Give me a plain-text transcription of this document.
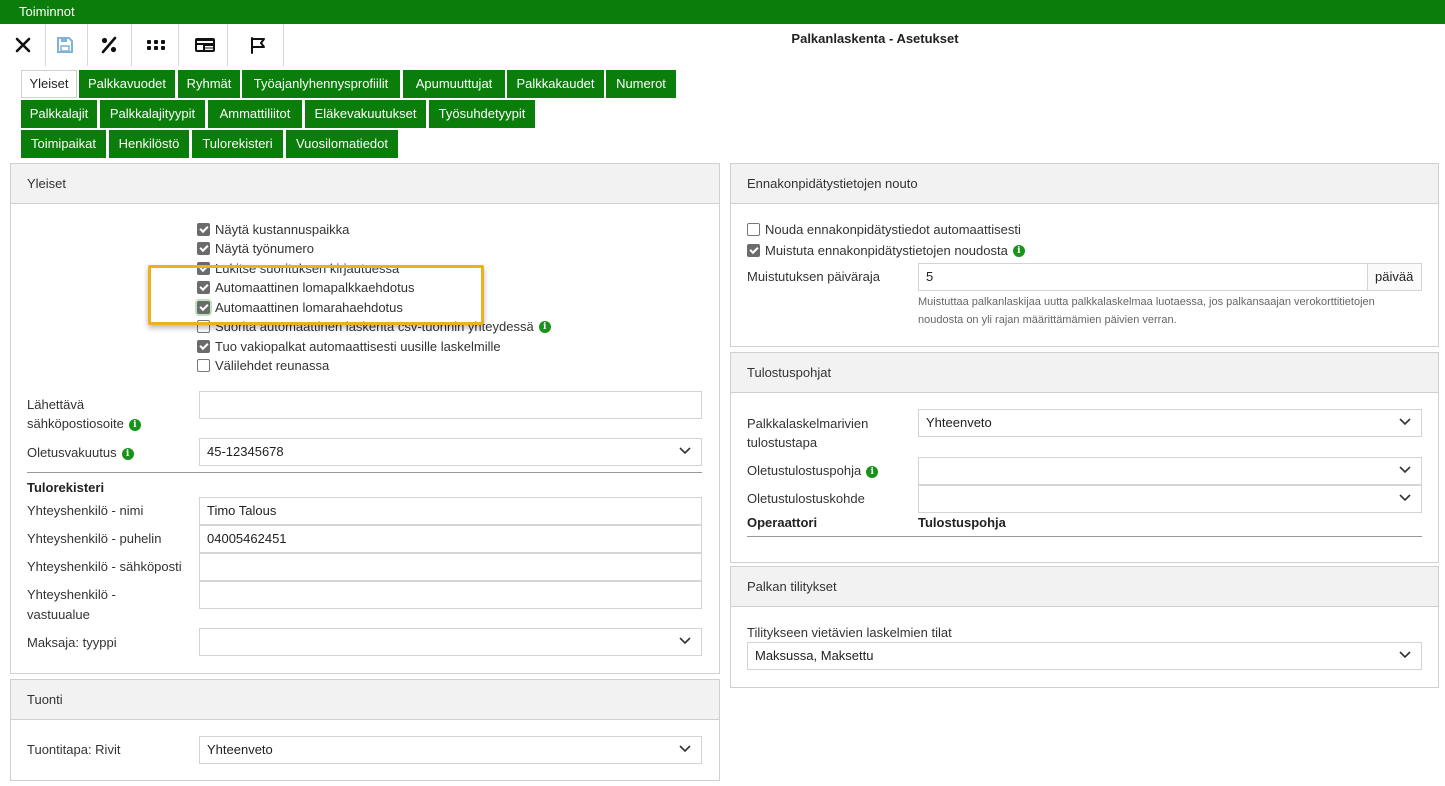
Toiminnot
Palkanlaskenta - Asetukset
Yleiset	Palkkavuodet	Ryhmät	Työajanlyhennysprofiilit	Apumuuttujat	Palkkakaudet	Numerot
Palkkalajit	Palkkalajityypit	Ammattiliitot	Eläkevakuutukset	Työsuhdetyypit
Toimipaikat	Henkilöstö	Tulorekisteri	Vuosilomatiedot
Yleiset
Näytä kustannuspaikka
Näytä työnumero
Lukitse suorituksen kirjautuessa
Automaattinen lomapalkkaehdotus
Automaattinen lomarahaehdotus
Suorita automaattinen laskenta csv-tuonnin yhteydessä	i
Tuo vakiopalkat automaattisesti uusille laskelmille
Välilehdet reunassa
Lähettävä
sähköpostiosoite i
Oletusvakuutus i	45-12345678
Tulorekisteri
Yhteyshenkilö - nimi	Timo Talous
Yhteyshenkilö - puhelin	04005462451
Yhteyshenkilö - sähköposti
Yhteyshenkilö -
vastuualue
Maksaja: tyyppi
Tuonti
Tuontitapa: Rivit	Yhteenveto
Ennakonpidätystietojen nouto
Nouda ennakonpidätystiedot automaattisesti
Muistuta ennakonpidätystietojen noudosta	i
Muistutuksen päiväraja	5	päivää
Muistuttaa palkanlaskijaa uutta palkkalaskelmaa luotaessa, jos palkansaajan verokorttitietojen
noudosta on yli rajan määrittämämien päivien verran.
Tulostuspohjat
Palkkalaskelmarivien
tulostustapa
Yhteenveto
Oletustulostuspohja i
Oletustulostuskohde
Operaattori	Tulostuspohja
Palkan tilitykset
Tilitykseen vietävien laskelmien tilat
Maksussa, Maksettu
